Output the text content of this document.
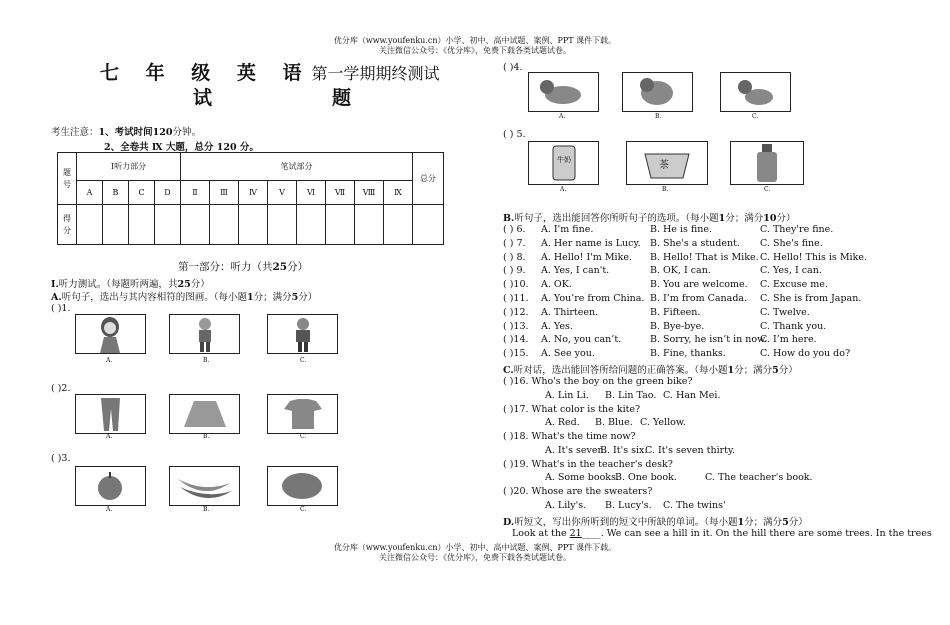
优分库（www.youfenku.cn）小学、初中、高中试题、案例、PPT 课件下载。
关注微信公众号：《优分库》，免费下载各类试题试卷。
七 年 级 英 语第一学期期终测试
试	题
考生注意：1、考试时间120分钟。
2、全卷共 Ⅸ 大题，总分 120 分。
题号	Ⅰ听力部分				笔试部分								总分
	A	B	C	D	Ⅱ	Ⅲ	Ⅳ	Ⅴ	Ⅵ	Ⅶ	Ⅷ	Ⅸ	

得分													

第一部分：听力（共25分）
I.听力测试。（每题听两遍，共25分）
A.听句子，选出与其内容相符的图画。（每小题1分；满分5分）
( )1.
( )2.
( )3.
A.	B.	C.
A.	B.	C.
A.	B.	C.
( )4.
A.	B.	C.
( ) 5.
牛奶	茶
A.	B.	C.
B.听句子，选出能回答你所听句子的选项。（每小题1分；满分10分）
( ) 6. A. I'm fine.	B. He is fine.	C. They're fine.
( ) 7. A. Her name is Lucy. B. She's a student. C. She's fine.
( ) 8. A. Hello! I'm Mike. B. Hello! That is Mike. C. Hello! This is Mike.
( ) 9. A. Yes, I can't.	B. OK, I can.	C. Yes, I can.
( )10. A. OK.	B. You are welcome. C. Excuse me.
( )11. A. You’re from China. B. I’m from Canada. C. She is from Japan.
( )12. A. Thirteen.	B. Fifteen.	C. Twelve.
( )13. A. Yes.	B. Bye-bye.	C. Thank you.
( )14. A. No, you can’t.	B. Sorry, he isn’t in now.
C. I’m here.
( )15. A. See you.	B. Fine, thanks.	C. How do you do?
C.听对话，选出能回答所给问题的正确答案。（每小题1分；满分5分）
( )16. Who's the boy on the green bike?
A. Lin Li. B. Lin Tao. C. Han Mei.
( )17. What color is the kite?
A. Red. B. Blue. C. Yellow.
( )18. What's the time now?
A. It's seven.
B. It's six.
C. It's seven thirty.
( )19. What's in the teacher's desk?
A. Some books.
B. One book.	C. The teacher's book.
( )20. Whose are the sweaters?
A. Lily's. B. Lucy's. C. The twins'
D.听短文，写出你所听到的短文中所缺的单词。（每小题1分；满分5分）
Look at the 21____. We can see a hill in it. On the hill there are some trees. In the trees
优分库（www.youfenku.cn）小学、初中、高中试题、案例、PPT 课件下载。
关注微信公众号：《优分库》，免费下载各类试题试卷。
